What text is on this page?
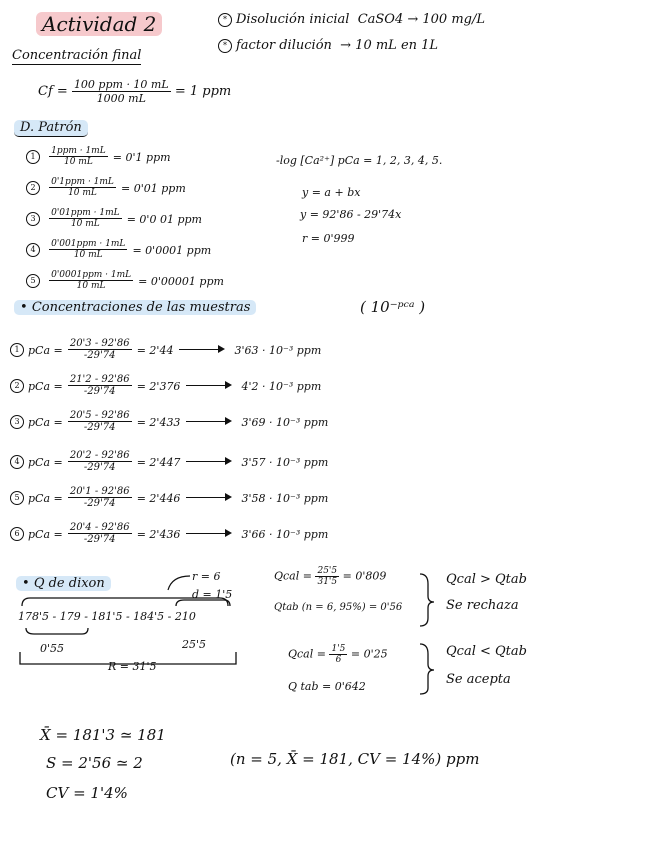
Actividad 2	* Disolución inicial CaSO4 → 100 mg/L
* factor dilución → 10 mL en 1L
Concentración final
$Cf = \frac{\text{100 ppm · 10 mL}}{1000 mL} = 1$ ppm
D. Patrón
$1 \frac{\text{1ppm · 1mL}}{10 mL} = 0'1$ ppm
$2 \frac{\text{0'1ppm · 1mL}}{10 mL} = 0'01$ ppm
$3 \frac{\text{0'01ppm · 1mL}}{10 mL} = 0'0$ 01 ppm
$4 \frac{\text{0'001ppm · 1mL}}{10 mL} = 0'0001$ ppm
$5 \frac{\text{0'0001ppm · 1mL}}{10 mL} = 0'00001$ ppm
-log [Ca²⁺] pCa = 1, 2, 3, 4, 5.
y = a + bx
y = 92'86 - 29'74x
r = 0'999
• Concentraciones de las muestras	( 10⁻ᵖᶜᵃ )
1 pCa = $\frac{20'3 - 92'86}{-29'74} = 2'44$	3'63 · 10⁻³ ppm
2 pCa = $\frac{21'2 - 92'86}{-29'74} = 2'376$	4'2 · 10⁻³ ppm
3 pCa = $\frac{20'5 - 92'86}{-29'74} = 2'433$	3'69 · 10⁻³ ppm
4 pCa = $\frac{20'2 - 92'86}{-29'74} = 2'447$	3'57 · 10⁻³ ppm
5 pCa = $\frac{20'1 - 92'86}{-29'74} = 2'446$	3'58 · 10⁻³ ppm
6 pCa = $\frac{20'4 - 92'86}{-29'74} = 2'436$	3'66 · 10⁻³ ppm
• Q de dixon	r = 6
d = 1'5
178'5 - 179 - 181'5 - 184'5 - 210
0'55	25'5
R = 31'5
Qcal = $\frac{25'5}{31'5} = 0'809$
Qtab (n = 6, 95%) = 0'56
Qcal > Qtab
Se rechaza
Qcal = $\frac{1'5}{6} = 0'25$
Q tab = 0'642
Qcal < Qtab
Se acepta
X̄ = 181'3 ≃ 181
S = 2'56 ≃ 2
CV = 1'4%
(n = 5, X̄ = 181, CV = 14%) ppm
